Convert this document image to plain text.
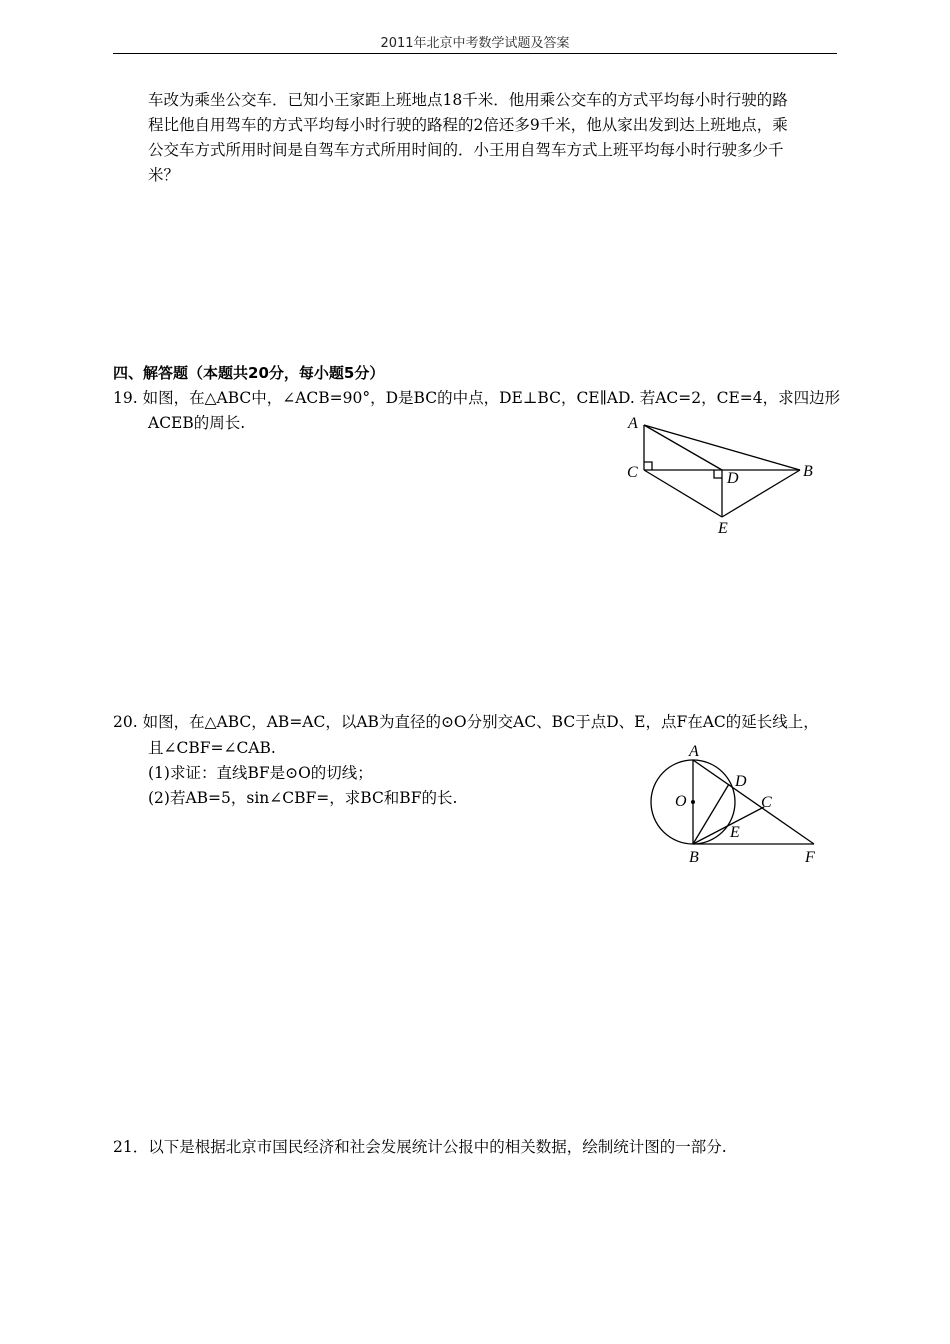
2011年北京中考数学试题及答案
车改为乘坐公交车．已知小王家距上班地点18千米．他用乘公交车的方式平均每小时行驶的路
程比他自用驾车的方式平均每小时行驶的路程的2倍还多9千米，他从家出发到达上班地点，乘
公交车方式所用时间是自驾车方式所用时间的．小王用自驾车方式上班平均每小时行驶多少千
米？
四、解答题（本题共20分，每小题5分）
19. 如图，在△ABC中，∠ACB=90°，D是BC的中点，DE⊥BC，CE∥AD. 若AC=2，CE=4，求四边形
ACEB的周长.	A
C	D	B
E
20. 如图，在△ABC，AB=AC，以AB为直径的⊙O分别交AC、BC于点D、E，点F在AC的延长线上，
且∠CBF=∠CAB.
(1)求证：直线BF是⊙O的切线；
(2)若AB=5，sin∠CBF=，求BC和BF的长.
A
D
C
O
E
B	F
21．以下是根据北京市国民经济和社会发展统计公报中的相关数据，绘制统计图的一部分.
